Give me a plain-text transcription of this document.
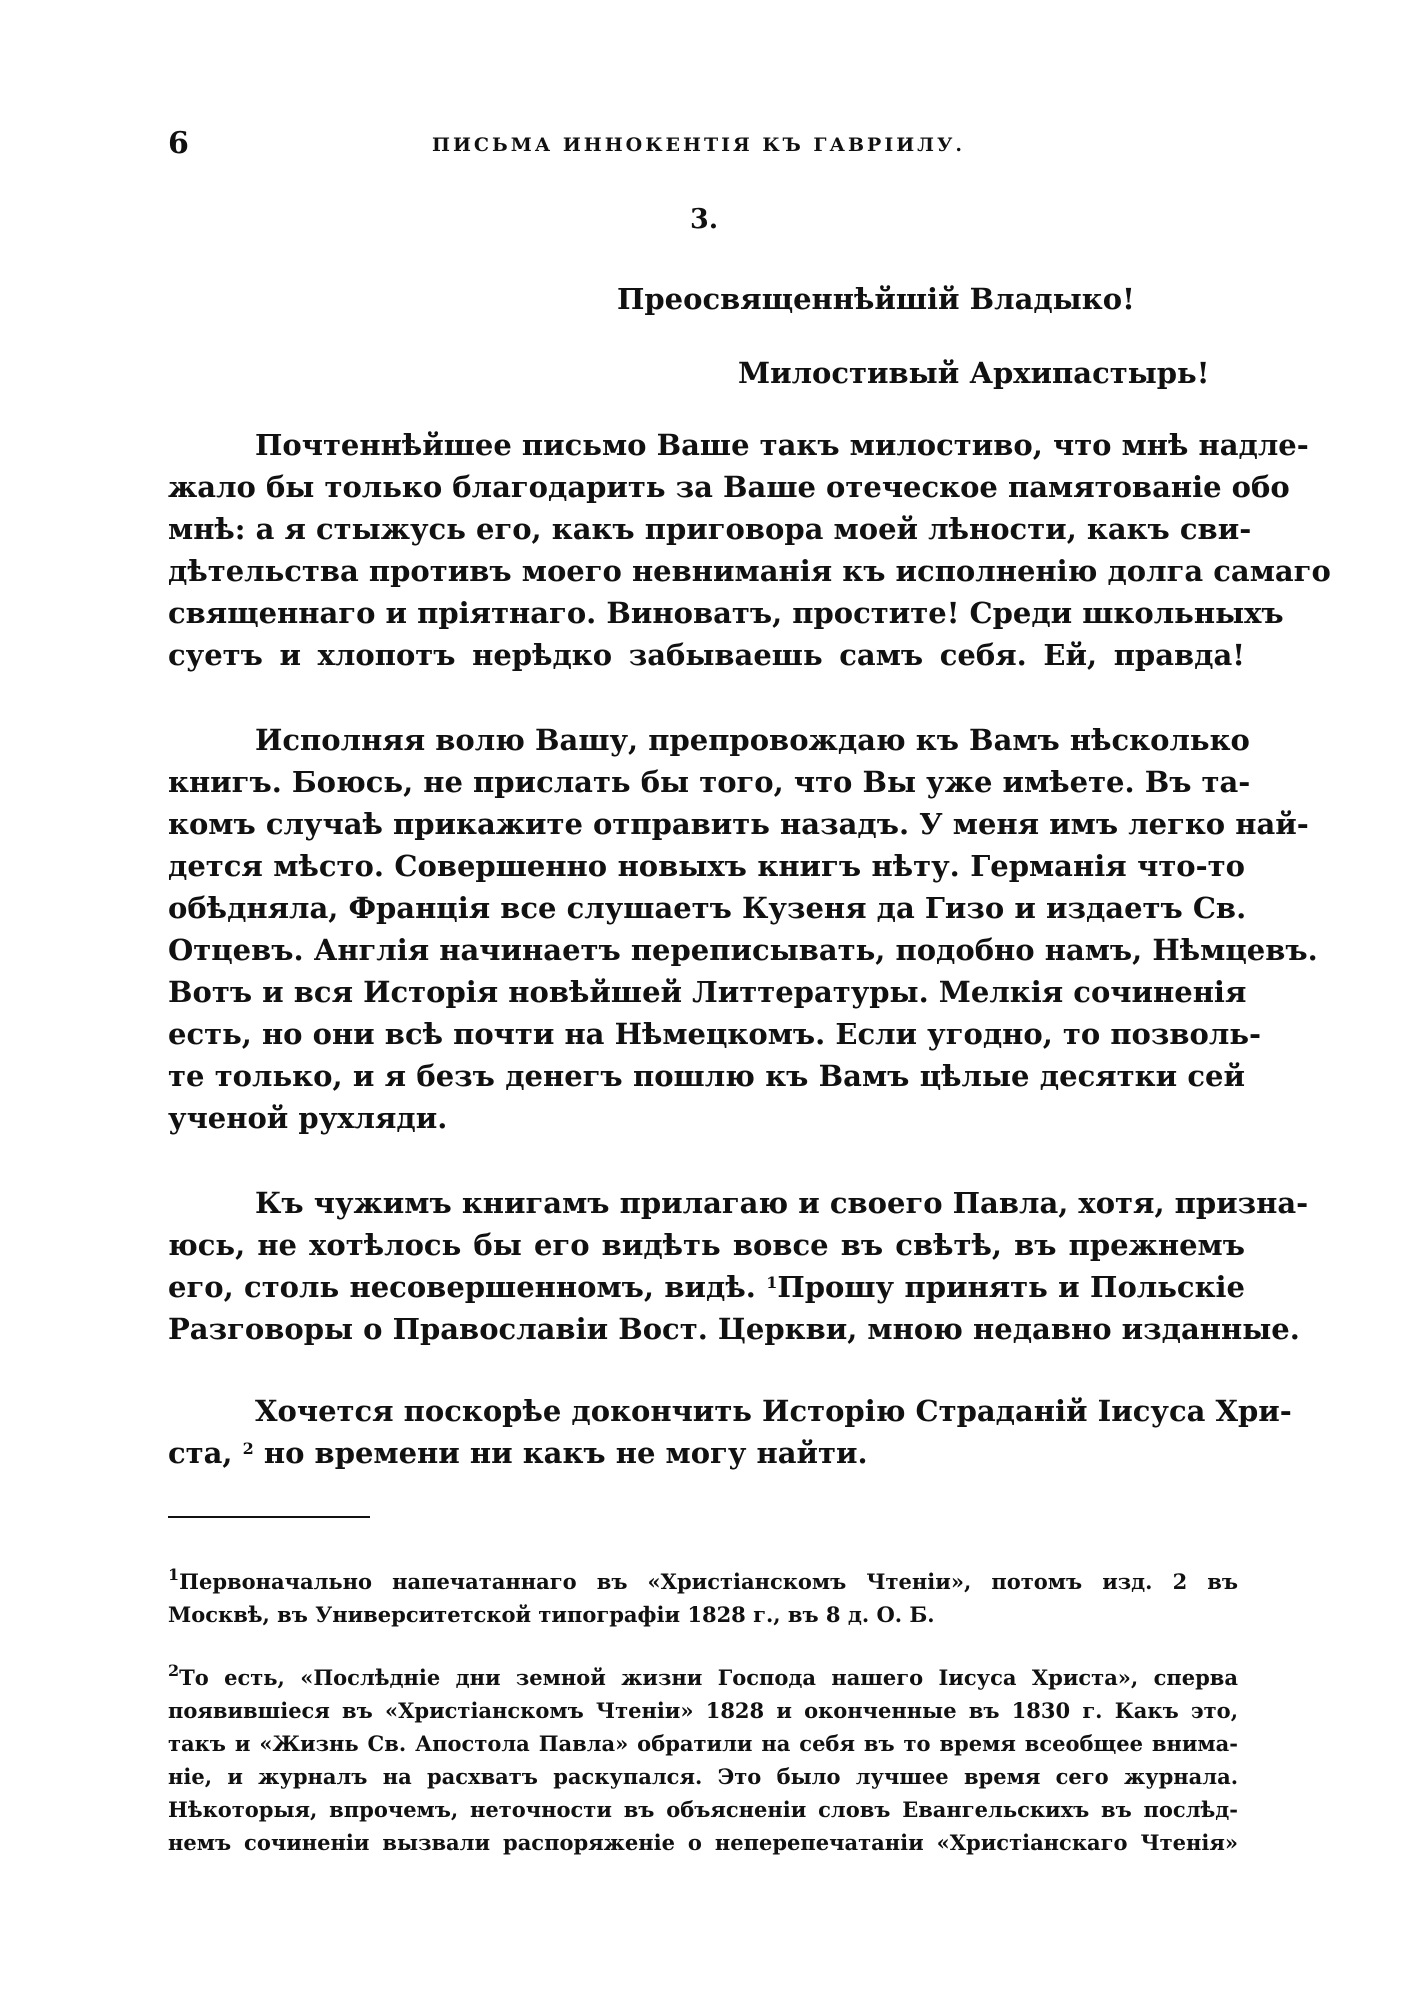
6	ПИСЬМА ИННОКЕНТІЯ КЪ ГАВРІИЛУ.
3.
Преосвященнѣйшій Владыко!
Милостивый Архипастырь!
Почтеннѣйшее письмо Ваше такъ милостиво, что мнѣ надле-
жало бы только благодарить за Ваше отеческое памятованіе обо
мнѣ: а я стыжусь его, какъ приговора моей лѣности, какъ сви-
дѣтельства противъ моего невниманія къ исполненію долга самаго
священнаго и пріятнаго. Виноватъ, простите! Среди школьныхъ
суетъ и хлопотъ нерѣдко забываешь самъ себя. Ей, правда!
Исполняя волю Вашу, препровождаю къ Вамъ нѣсколько
книгъ. Боюсь, не прислать бы того, что Вы уже имѣете. Въ та-
комъ случаѣ прикажите отправить назадъ. У меня имъ легко най-
дется мѣсто. Совершенно новыхъ книгъ нѣту. Германія что-то
обѣдняла, Франція все слушаетъ Кузеня да Гизо и издаетъ Св.
Отцевъ. Англія начинаетъ переписывать, подобно намъ, Нѣмцевъ.
Вотъ и вся Исторія новѣйшей Литтературы. Мелкія сочиненія
есть, но они всѣ почти на Нѣмецкомъ. Если угодно, то позволь-
те только, и я безъ денегъ пошлю къ Вамъ цѣлые десятки сей
ученой рухляди.
Къ чужимъ книгамъ прилагаю и своего Павла, хотя, призна-
юсь, не хотѣлось бы его видѣть вовсе въ свѣтѣ, въ прежнемъ
его, столь несовершенномъ, видѣ. $^1$Прошу принять и Польскіе
Разговоры о Православіи Вост. Церкви, мною недавно изданные.
Хочется поскорѣе докончить Исторію Страданій Іисуса Хри-
ста, $^2$ но времени ни какъ не могу найти.
$^1$Первоначально напечатаннаго въ «Христіанскомъ Чтеніи», потомъ изд. 2 въ
Москвѣ, въ Университетской типографіи 1828 г., въ 8 д. О. Б.
$^2$То есть, «Послѣдніе дни земной жизни Господа нашего Іисуса Христа», сперва
появившіеся въ «Христіанскомъ Чтеніи» 1828 и оконченные въ 1830 г. Какъ это,
такъ и «Жизнь Св. Апостола Павла» обратили на себя въ то время всеобщее внима-
ніе, и журналъ на расхватъ раскупался. Это было лучшее время сего журнала.
Нѣкоторыя, впрочемъ, неточности въ объясненіи словъ Евангельскихъ въ послѣд-
немъ сочиненіи вызвали распоряженіе о неперепечатаніи «Христіанскаго Чтенія»
